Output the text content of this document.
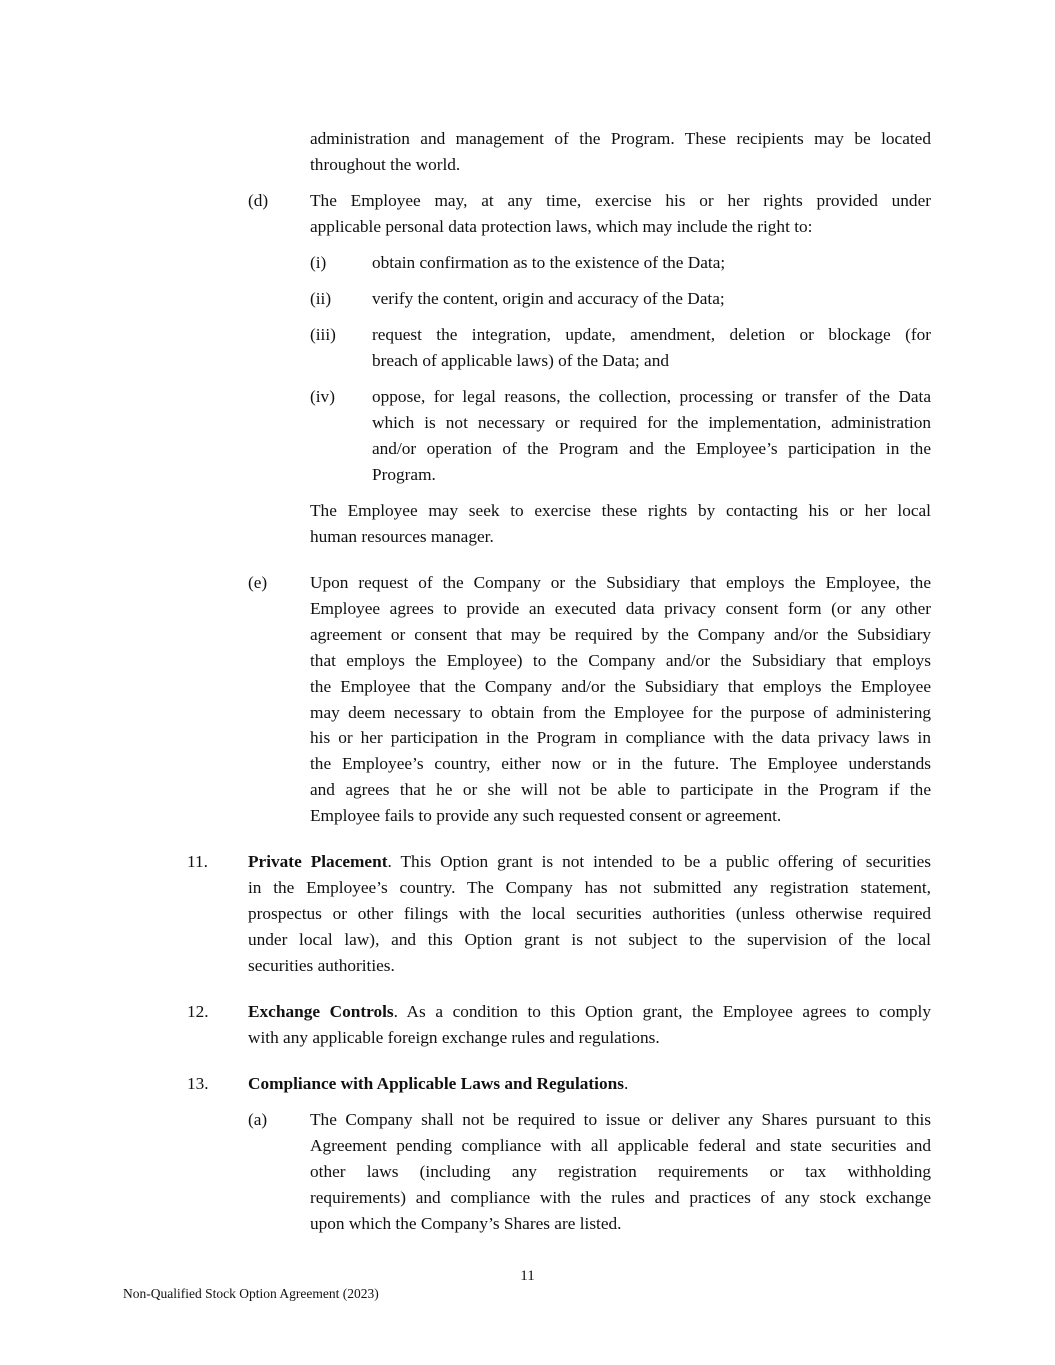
administration and management of the Program. These recipients may be located
throughout the world.
(d) The Employee may, at any time, exercise his or her rights provided under
applicable personal data protection laws, which may include the right to:
(i)	obtain confirmation as to the existence of the Data;
(ii) verify the content, origin and accuracy of the Data;
(iii) request the integration, update, amendment, deletion or blockage (for
breach of applicable laws) of the Data; and
(iv) oppose, for legal reasons, the collection, processing or transfer of the Data
which is not necessary or required for the implementation, administration
and/or operation of the Program and the Employee’s participation in the
Program.
The Employee may seek to exercise these rights by contacting his or her local
human resources manager.
(e) Upon request of the Company or the Subsidiary that employs the Employee, the
Employee agrees to provide an executed data privacy consent form (or any other
agreement or consent that may be required by the Company and/or the Subsidiary
that employs the Employee) to the Company and/or the Subsidiary that employs
the Employee that the Company and/or the Subsidiary that employs the Employee
may deem necessary to obtain from the Employee for the purpose of administering
his or her participation in the Program in compliance with the data privacy laws in
the Employee’s country, either now or in the future. The Employee understands
and agrees that he or she will not be able to participate in the Program if the
Employee fails to provide any such requested consent or agreement.
11. Private Placement. This Option grant is not intended to be a public offering of securities
in the Employee’s country. The Company has not submitted any registration statement,
prospectus or other filings with the local securities authorities (unless otherwise required
under local law), and this Option grant is not subject to the supervision of the local
securities authorities.
12. Exchange Controls. As a condition to this Option grant, the Employee agrees to comply
with any applicable foreign exchange rules and regulations.
13. Compliance with Applicable Laws and Regulations.
(a) The Company shall not be required to issue or deliver any Shares pursuant to this
Agreement pending compliance with all applicable federal and state securities and
other laws (including any registration requirements or tax withholding
requirements) and compliance with the rules and practices of any stock exchange
upon which the Company’s Shares are listed.
11
Non-Qualified Stock Option Agreement (2023)
